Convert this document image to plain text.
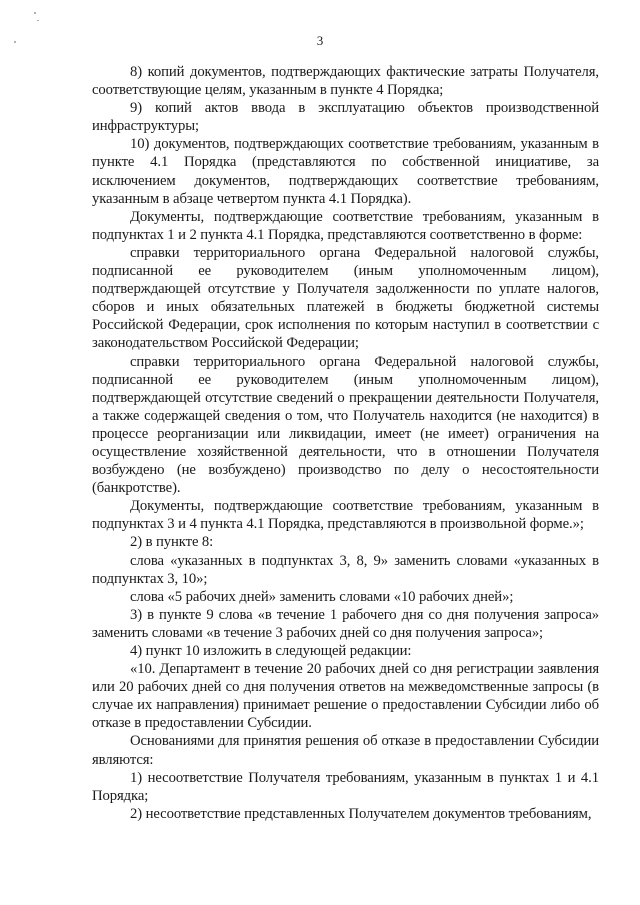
3

8) копий документов, подтверждающих фактические затраты Получателя, соответствующие целям, указанным в пункте 4 Порядка;

9) копий актов ввода в эксплуатацию объектов производственной инфраструктуры;

10) документов, подтверждающих соответствие требованиям, указанным в пункте 4.1 Порядка (представляются по собственной инициативе, за исключением документов, подтверждающих соответствие требованиям, указанным в абзаце четвертом пункта 4.1 Порядка).

Документы, подтверждающие соответствие требованиям, указанным в подпунктах 1 и 2 пункта 4.1 Порядка, представляются соответственно в форме:

справки территориального органа Федеральной налоговой службы, подписанной ее руководителем (иным уполномоченным лицом), подтверждающей отсутствие у Получателя задолженности по уплате налогов, сборов и иных обязательных платежей в бюджеты бюджетной системы Российской Федерации, срок исполнения по которым наступил в соответствии с законодательством Российской Федерации;

справки территориального органа Федеральной налоговой службы, подписанной ее руководителем (иным уполномоченным лицом), подтверждающей отсутствие сведений о прекращении деятельности Получателя, а также содержащей сведения о том, что Получатель находится (не находится) в процессе реорганизации или ликвидации, имеет (не имеет) ограничения на осуществление хозяйственной деятельности, что в отношении Получателя возбуждено (не возбуждено) производство по делу о несостоятельности (банкротстве).

Документы, подтверждающие соответствие требованиям, указанным в подпунктах 3 и 4 пункта 4.1 Порядка, представляются в произвольной форме.»;

2) в пункте 8:

слова «указанных в подпунктах 3, 8, 9» заменить словами «указанных в подпунктах 3, 10»;

слова «5 рабочих дней» заменить словами «10 рабочих дней»;

3) в пункте 9 слова «в течение 1 рабочего дня со дня получения запроса» заменить словами «в течение 3 рабочих дней со дня получения запроса»;

4) пункт 10 изложить в следующей редакции:

«10. Департамент в течение 20 рабочих дней со дня регистрации заявления или 20 рабочих дней со дня получения ответов на межведомственные запросы (в случае их направления) принимает решение о предоставлении Субсидии либо об отказе в предоставлении Субсидии.

Основаниями для принятия решения об отказе в предоставлении Субсидии являются:

1) несоответствие Получателя требованиям, указанным в пунктах 1 и 4.1 Порядка;

2) несоответствие представленных Получателем документов требованиям,
